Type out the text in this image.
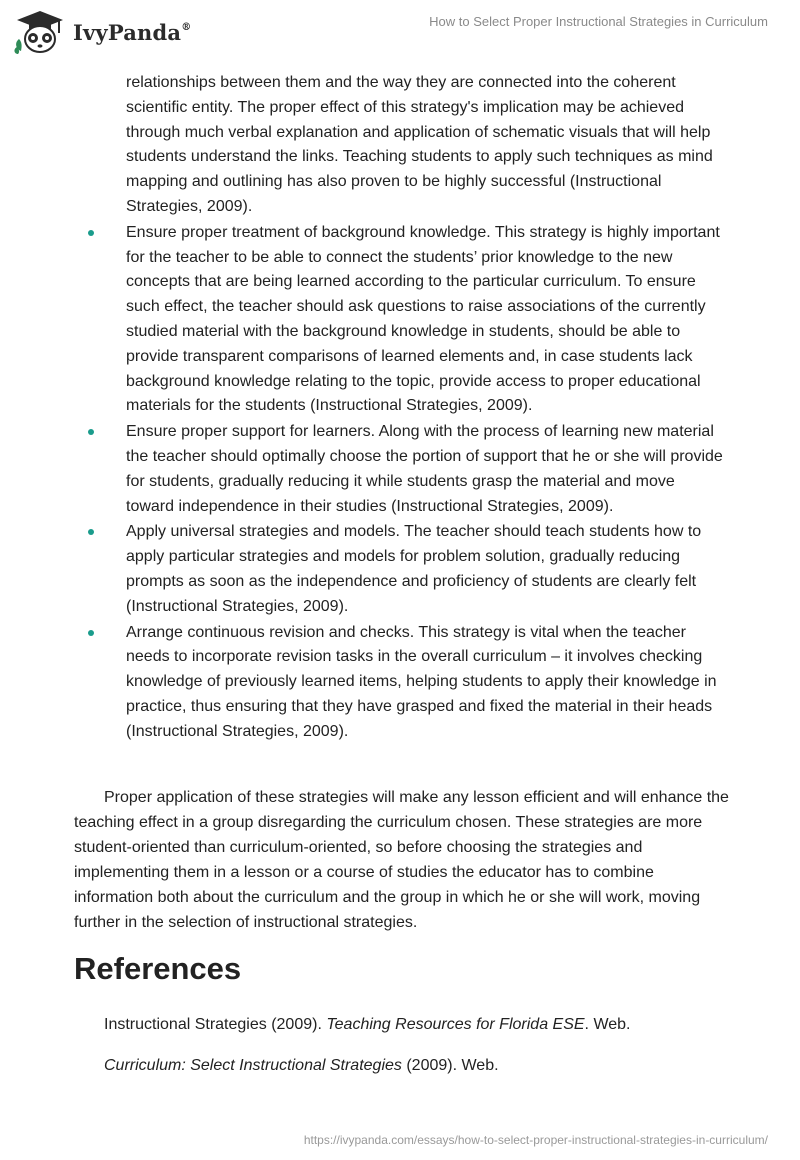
IvyPanda®	How to Select Proper Instructional Strategies in Curriculum
relationships between them and the way they are connected into the coherent scientific entity. The proper effect of this strategy's implication may be achieved through much verbal explanation and application of schematic visuals that will help students understand the links. Teaching students to apply such techniques as mind mapping and outlining has also proven to be highly successful (Instructional Strategies, 2009).
Ensure proper treatment of background knowledge. This strategy is highly important for the teacher to be able to connect the students’ prior knowledge to the new concepts that are being learned according to the particular curriculum. To ensure such effect, the teacher should ask questions to raise associations of the currently studied material with the background knowledge in students, should be able to provide transparent comparisons of learned elements and, in case students lack background knowledge relating to the topic, provide access to proper educational materials for the students (Instructional Strategies, 2009).
Ensure proper support for learners. Along with the process of learning new material the teacher should optimally choose the portion of support that he or she will provide for students, gradually reducing it while students grasp the material and move toward independence in their studies (Instructional Strategies, 2009).
Apply universal strategies and models. The teacher should teach students how to apply particular strategies and models for problem solution, gradually reducing prompts as soon as the independence and proficiency of students are clearly felt (Instructional Strategies, 2009).
Arrange continuous revision and checks. This strategy is vital when the teacher needs to incorporate revision tasks in the overall curriculum – it involves checking knowledge of previously learned items, helping students to apply their knowledge in practice, thus ensuring that they have grasped and fixed the material in their heads (Instructional Strategies, 2009).

Proper application of these strategies will make any lesson efficient and will enhance the teaching effect in a group disregarding the curriculum chosen. These strategies are more student-oriented than curriculum-oriented, so before choosing the strategies and implementing them in a lesson or a course of studies the educator has to combine information both about the curriculum and the group in which he or she will work, moving further in the selection of instructional strategies.

References

Instructional Strategies (2009). Teaching Resources for Florida ESE. Web.

Curriculum: Select Instructional Strategies (2009). Web.

https://ivypanda.com/essays/how-to-select-proper-instructional-strategies-in-curriculum/
